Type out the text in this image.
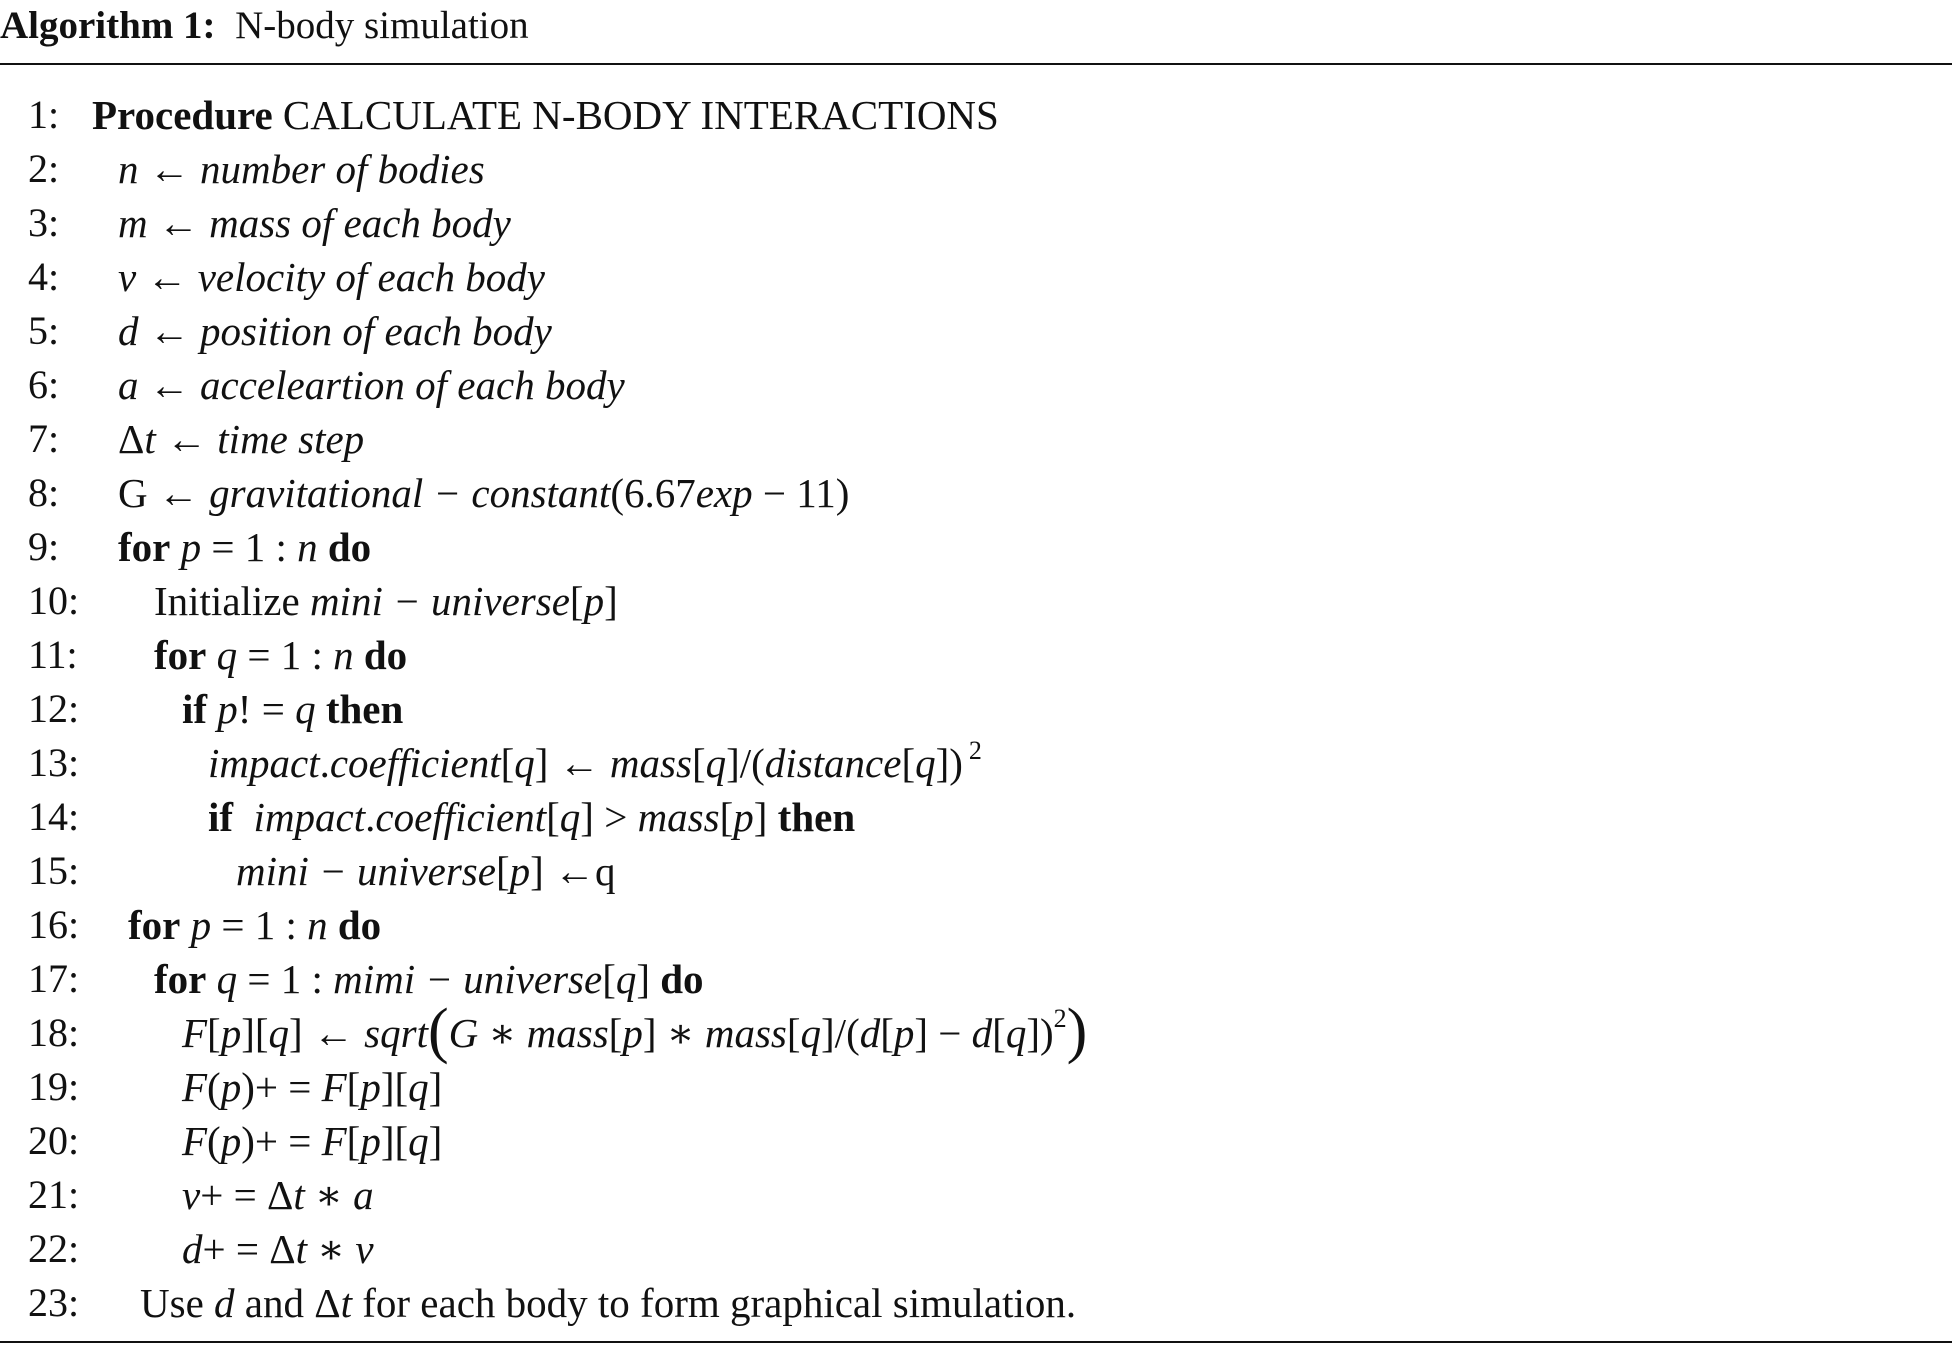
Algorithm 1: N-body simulation
1:
2:
3:
4:
5:
6:
7:
8:
9:
10:
11:
12:
13:
14:
15:
16:
17:
18:
19:
20:
21:
22:
23:
Procedure CALCULATE N-BODY INTERACTIONS
n ← number of bodies
m ← mass of each body
v ← velocity of each body
d ← position of each body
a ← acceleartion of each body
Δt ← time step
G ← gravitational − constant(6.67exp − 11)
for p = 1 : n do
Initialize mini − universe[p]
for q = 1 : n do
if p! = q then
impact.coefficient[q] ← mass[q]/(distance[q]) $^2$
if impact.coefficient[q] > mass[p] then
mini − universe[p] ←q
for p = 1 : n do
for q = 1 : mimi − universe[q] do
F[p][q] ← sqrt(G ∗ mass[p] ∗ mass[q]/(d[p] − d[q])$^2$)
F(p)+ = F[p][q]
F(p)+ = F[p][q]
v+ = Δt ∗ a
d+ = Δt ∗ v
Use d and Δt for each body to form graphical simulation.
